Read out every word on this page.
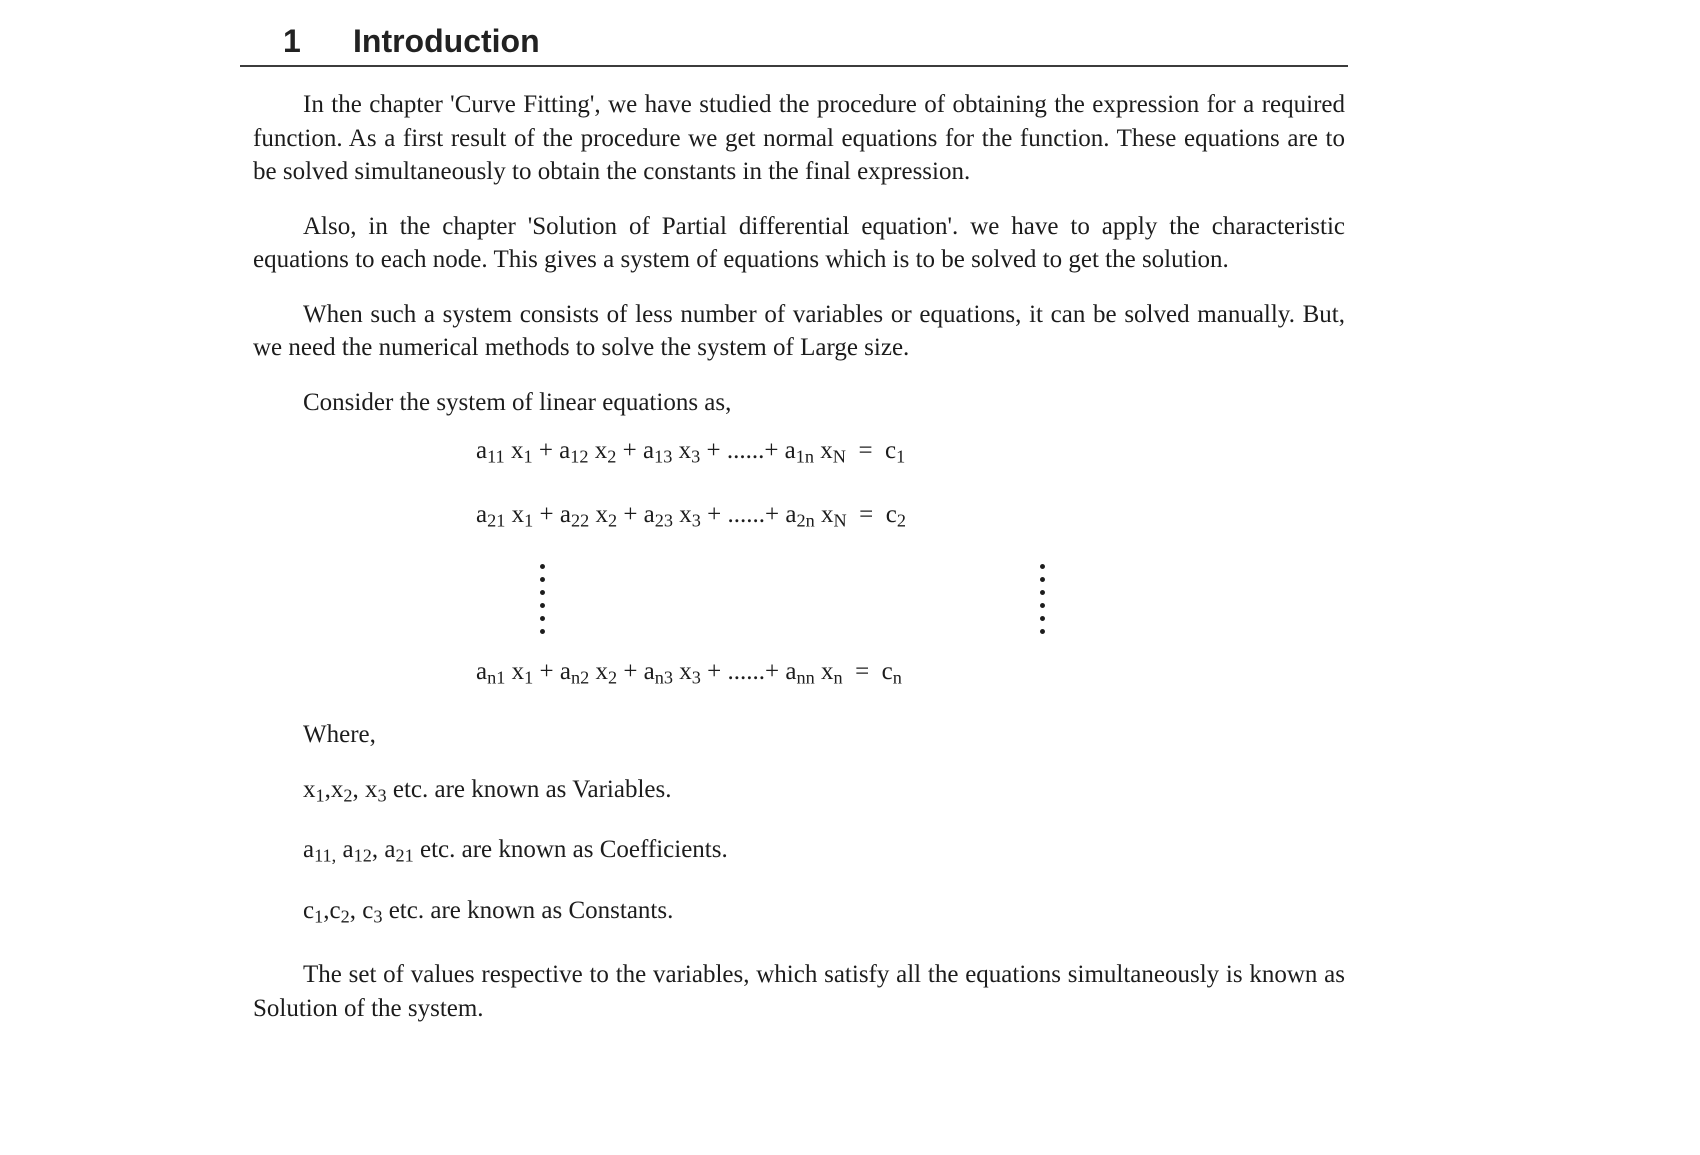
1 Introduction

In the chapter 'Curve Fitting', we have studied the procedure of obtaining the expression for a required function. As a first result of the procedure we get normal equations for the function. These equations are to be solved simultaneously to obtain the constants in the final expression.

Also, in the chapter 'Solution of Partial differential equation'. we have to apply the characteristic equations to each node. This gives a system of equations which is to be solved to get the solution.

When such a system consists of less number of variables or equations, it can be solved manually. But, we need the numerical methods to solve the system of Large size.

Consider the system of linear equations as,

a11 x1 + a12 x2 + a13 x3 + ......+ a1n xN  =  c1
a21 x1 + a22 x2 + a23 x3 + ......+ a2n xN  =  c2
an1 x1 + an2 x2 + an3 x3 + ......+ ann xn  =  cn

Where,

x1,x2, x3 etc. are known as Variables.

a11, a12, a21 etc. are known as Coefficients.

c1,c2, c3 etc. are known as Constants.

The set of values respective to the variables, which satisfy all the equations simultaneously is known as Solution of the system.
